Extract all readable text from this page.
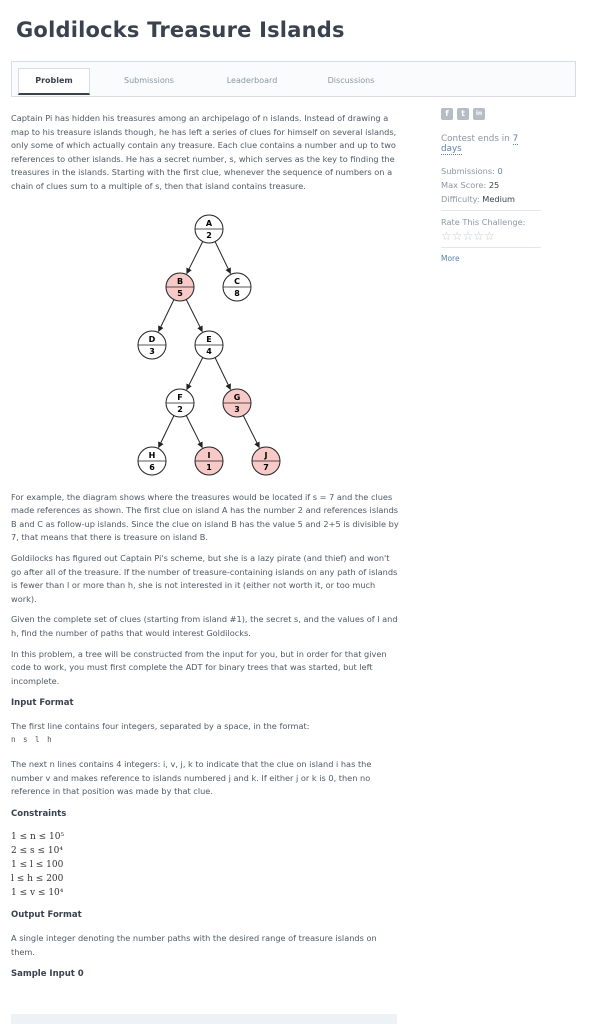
Goldilocks Treasure Islands
Problem	Submissions	Leaderboard	Discussions

Captain Pi has hidden his treasures among an archipelago of n islands. Instead of drawing a map to his treasure islands though, he has left a series of clues for himself on several islands, only some of which actually contain any treasure. Each clue contains a number and up to two references to other islands. He has a secret number, s, which serves as the key to finding the treasures in the islands. Starting with the first clue, whenever the sequence of numbers on a chain of clues sum to a multiple of s, then that island contains treasure.

A
2
B
5
C
8
D
3
E
4
F
2
G
3
H
6
I
1
J
7

For example, the diagram shows where the treasures would be located if s = 7 and the clues made references as shown. The first clue on island A has the number 2 and references islands B and C as follow-up islands. Since the clue on island B has the value 5 and 2+5 is divisible by 7, that means that there is treasure on island B.

Goldilocks has figured out Captain Pi's scheme, but she is a lazy pirate (and thief) and won't go after all of the treasure. If the number of treasure-containing islands on any path of islands is fewer than l or more than h, she is not interested in it (either not worth it, or too much work).

Given the complete set of clues (starting from island #1), the secret s, and the values of l and h, find the number of paths that would interest Goldilocks.

In this problem, a tree will be constructed from the input for you, but in order for that given code to work, you must first complete the ADT for binary trees that was started, but left incomplete.

Input Format

The first line contains four integers, separated by a space, in the format:

n s l h

The next n lines contains 4 integers: i, v, j, k to indicate that the clue on island i has the number v and makes reference to islands numbered j and k. If either j or k is 0, then no reference in that position was made by that clue.

Constraints
1 ≤ n ≤ 10⁵
2 ≤ s ≤ 10⁴
1 ≤ l ≤ 100
l ≤ h ≤ 200
1 ≤ v ≤ 10⁴
Output Format

A single integer denoting the number paths with the desired range of treasure islands on them.

Sample Input 0
f	t	in
Contest ends in 7 days
Submissions: 0
Max Score: 25
Difficulty: Medium
Rate This Challenge:
☆☆☆☆☆
More
